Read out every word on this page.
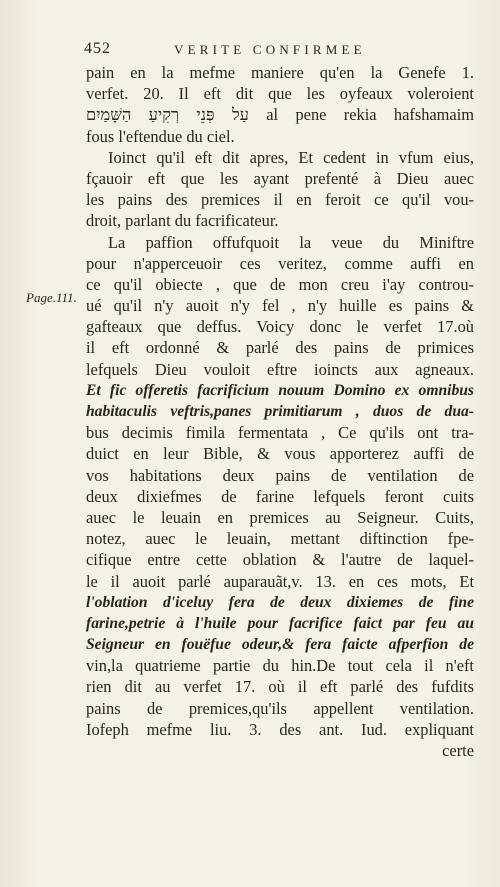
452	VERITE CONFIRMEE
Page.111.
pain en la mefme maniere qu'en la Genefe 1.
verfet. 20. Il eft dit que les oyfeaux voleroient
עַל פְּנֵי רְקִיעַ הַשָּׁמַיִם al pene rekia hafshamaim
fous l'eftendue du ciel.
Ioinct qu'il eft dit apres, Et cedent in vfum eius,
fçauoir eft que les ayant prefenté à Dieu auec
les pains des premices il en feroit ce qu'il vou-
droit, parlant du facrificateur.
La paffion offufquoit la veue du Miniftre
pour n'apperceuoir ces veritez, comme auffi en
ce qu'il obiecte , que de mon creu i'ay controu-
ué qu'il n'y auoit n'y fel , n'y huille es pains &
gafteaux que deffus. Voicy donc le verfet 17.où
il eft ordonné & parlé des pains de primices
lefquels Dieu vouloit eftre ioincts aux agneaux.
Et fic offeretis facrificium nouum Domino ex omnibus
habitaculis veftris,panes primitiarum , duos de dua-
bus decimis fimila fermentata , Ce qu'ils ont tra-
duict en leur Bible, & vous apporterez auffi de
vos habitations deux pains de ventilation de
deux dixiefmes de farine lefquels feront cuits
auec le leuain en premices au Seigneur. Cuits,
notez, auec le leuain, mettant diftinction fpe-
cifique entre cette oblation & l'autre de laquel-
le il auoit parlé auparauãt,v. 13. en ces mots, Et
l'oblation d'iceluy fera de deux dixiemes de fine
farine,petrie à l'huile pour facrifice faict par feu au
Seigneur en fouëfue odeur,& fera faicte afperfion de
vin,la quatrieme partie du hin.De tout cela il n'eft
rien dit au verfet 17. où il eft parlé des fufdits
pains de premices,qu'ils appellent ventilation.
Iofeph mefme liu. 3. des ant. Iud. expliquant
certe
